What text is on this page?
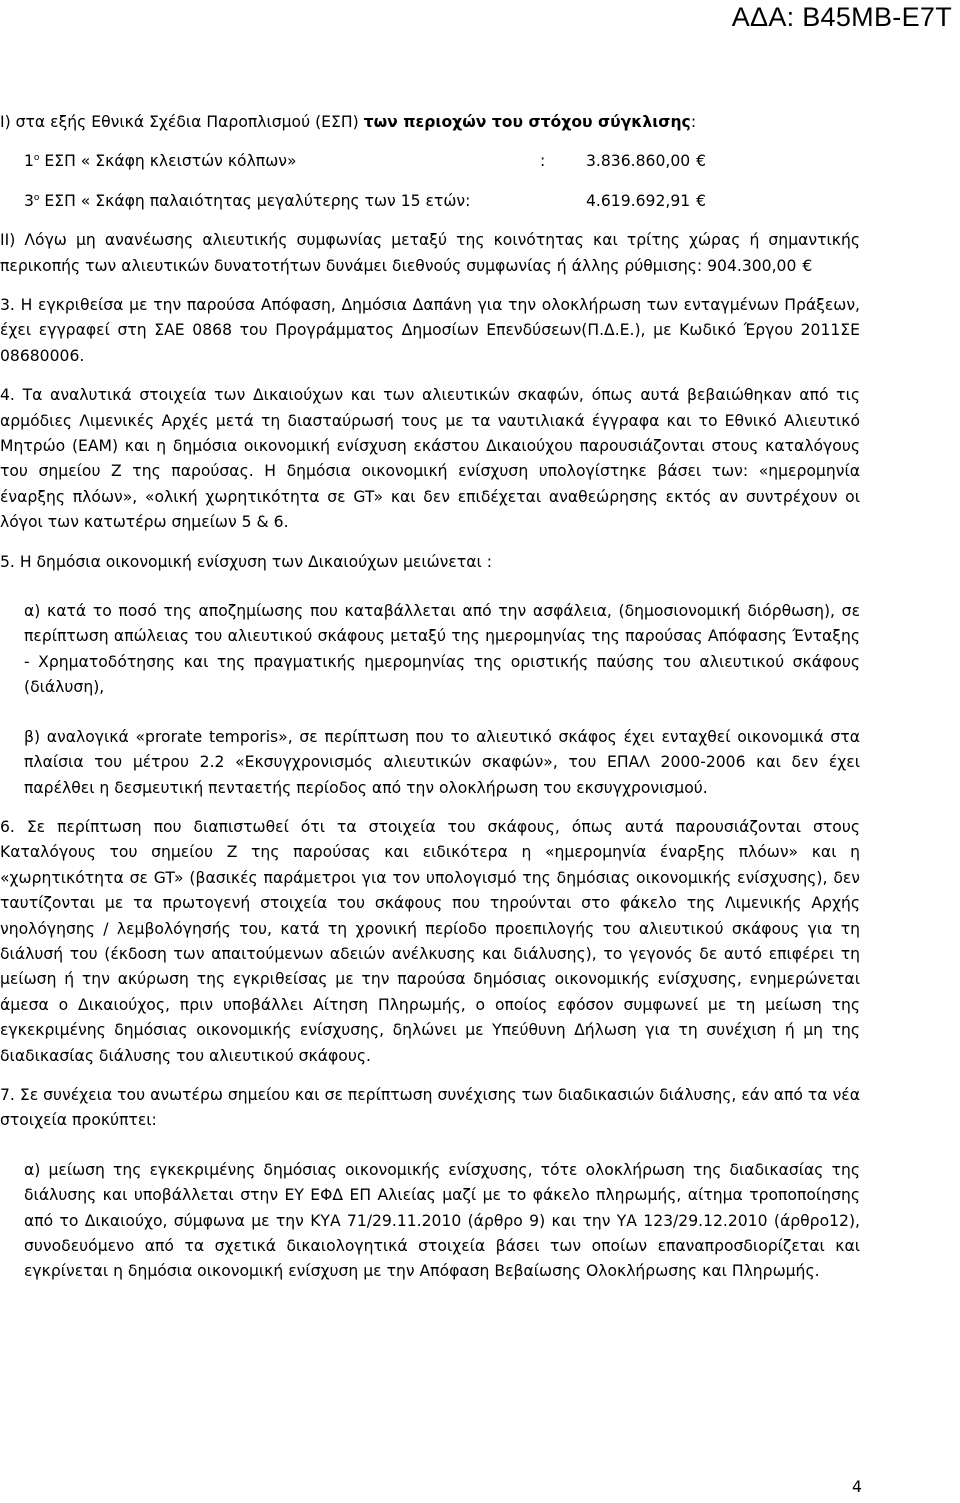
ΑΔΑ: Β45ΜΒ-Ε7Τ

Ι) στα εξής Εθνικά Σχέδια Παροπλισμού (ΕΣΠ) των περιοχών του στόχου σύγκλισης:

$1^o$ ΕΣΠ « Σκάφη κλειστών κόλπων»	:	3.836.860,00 €
$3^o$ ΕΣΠ « Σκάφη παλαιότητας μεγαλύτερης των 15 ετών:	4.619.692,91 €

ΙΙ) Λόγω μη ανανέωσης αλιευτικής συμφωνίας μεταξύ της κοινότητας και τρίτης χώρας ή σημαντικής περικοπής των αλιευτικών δυνατοτήτων δυνάμει διεθνούς συμφωνίας ή άλλης ρύθμισης: 904.300,00 €

3. Η εγκριθείσα με την παρούσα Απόφαση, Δημόσια Δαπάνη για την ολοκλήρωση των ενταγμένων Πράξεων, έχει εγγραφεί στη ΣΑΕ 0868 του Προγράμματος Δημοσίων Επενδύσεων(Π.Δ.Ε.), με Κωδικό Έργου 2011ΣΕ 08680006.

4. Τα αναλυτικά στοιχεία των Δικαιούχων και των αλιευτικών σκαφών, όπως αυτά βεβαιώθηκαν από τις αρμόδιες Λιμενικές Αρχές μετά τη διασταύρωσή τους με τα ναυτιλιακά έγγραφα και το Εθνικό Αλιευτικό Μητρώο (ΕΑΜ) και η δημόσια οικονομική ενίσχυση εκάστου Δικαιούχου παρουσιάζονται στους καταλόγους του σημείου Ζ της παρούσας. Η δημόσια οικονομική ενίσχυση υπολογίστηκε βάσει των: «ημερομηνία έναρξης πλόων», «ολική χωρητικότητα σε GT» και δεν επιδέχεται αναθεώρησης εκτός αν συντρέχουν οι λόγοι των κατωτέρω σημείων 5 & 6.

5. Η δημόσια οικονομική ενίσχυση των Δικαιούχων μειώνεται :

α) κατά το ποσό της αποζημίωσης που καταβάλλεται από την ασφάλεια, (δημοσιονομική διόρθωση), σε περίπτωση απώλειας του αλιευτικού σκάφους μεταξύ της ημερομηνίας της παρούσας Απόφασης Ένταξης - Χρηματοδότησης και της πραγματικής ημερομηνίας της οριστικής παύσης του αλιευτικού σκάφους (διάλυση),

β) αναλογικά «prorate temporis», σε περίπτωση που το αλιευτικό σκάφος έχει ενταχθεί οικονομικά στα πλαίσια του μέτρου 2.2 «Εκσυγχρονισμός αλιευτικών σκαφών», του ΕΠΑΛ 2000-2006 και δεν έχει παρέλθει η δεσμευτική πενταετής περίοδος από την ολοκλήρωση του εκσυγχρονισμού.

6. Σε περίπτωση που διαπιστωθεί ότι τα στοιχεία του σκάφους, όπως αυτά παρουσιάζονται στους Καταλόγους του σημείου Ζ της παρούσας και ειδικότερα η «ημερομηνία έναρξης πλόων» και η «χωρητικότητα σε GT» (βασικές παράμετροι για τον υπολογισμό της δημόσιας οικονομικής ενίσχυσης), δεν ταυτίζονται με τα πρωτογενή στοιχεία του σκάφους που τηρούνται στο φάκελο της Λιμενικής Αρχής νηολόγησης / λεμβολόγησής του, κατά τη χρονική περίοδο προεπιλογής του αλιευτικού σκάφους για τη διάλυσή του (έκδοση των απαιτούμενων αδειών ανέλκυσης και διάλυσης), το γεγονός δε αυτό επιφέρει τη μείωση ή την ακύρωση της εγκριθείσας με την παρούσα δημόσιας οικονομικής ενίσχυσης, ενημερώνεται άμεσα ο Δικαιούχος, πριν υποβάλλει Αίτηση Πληρωμής, ο οποίος εφόσον συμφωνεί με τη μείωση της εγκεκριμένης δημόσιας οικονομικής ενίσχυσης, δηλώνει με Υπεύθυνη Δήλωση για τη συνέχιση ή μη της διαδικασίας διάλυσης του αλιευτικού σκάφους.

7. Σε συνέχεια του ανωτέρω σημείου και σε περίπτωση συνέχισης των διαδικασιών διάλυσης, εάν από τα νέα στοιχεία προκύπτει:

α) μείωση της εγκεκριμένης δημόσιας οικονομικής ενίσχυσης, τότε ολοκλήρωση της διαδικασίας της διάλυσης και υποβάλλεται στην ΕΥ ΕΦΔ ΕΠ Αλιείας μαζί με το φάκελο πληρωμής, αίτημα τροποποίησης από το Δικαιούχο, σύμφωνα με την ΚΥΑ 71/29.11.2010 (άρθρο 9) και την ΥΑ 123/29.12.2010 (άρθρο12), συνοδευόμενο από τα σχετικά δικαιολογητικά στοιχεία βάσει των οποίων επαναπροσδιορίζεται και εγκρίνεται η δημόσια οικονομική ενίσχυση με την Απόφαση Βεβαίωσης Ολοκλήρωσης και Πληρωμής.

4
